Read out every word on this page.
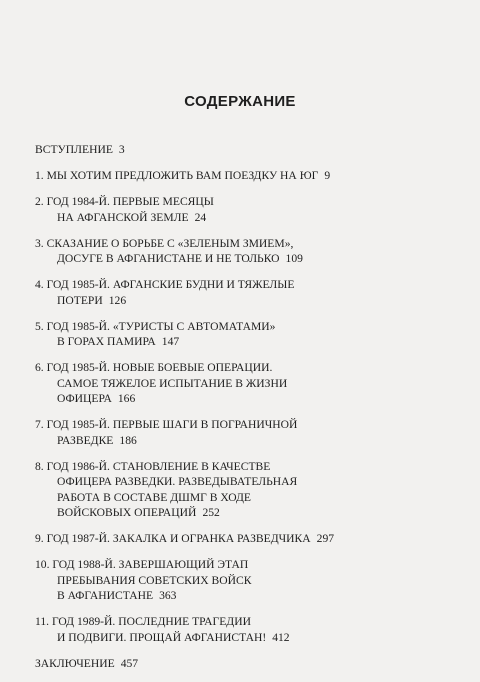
СОДЕРЖАНИЕ
ВСТУПЛЕНИЕ 3
1. МЫ ХОТИМ ПРЕДЛОЖИТЬ ВАМ ПОЕЗДКУ НА ЮГ 9
2. ГОД 1984-Й. ПЕРВЫЕ МЕСЯЦЫ
НА АФГАНСКОЙ ЗЕМЛЕ 24
3. СКАЗАНИЕ О БОРЬБЕ С «ЗЕЛЕНЫМ ЗМИЕМ»,
ДОСУГЕ В АФГАНИСТАНЕ И НЕ ТОЛЬКО 109
4. ГОД 1985-Й. АФГАНСКИЕ БУДНИ И ТЯЖЕЛЫЕ
ПОТЕРИ 126
5. ГОД 1985-Й. «ТУРИСТЫ С АВТОМАТАМИ»
В ГОРАХ ПАМИРА 147
6. ГОД 1985-Й. НОВЫЕ БОЕВЫЕ ОПЕРАЦИИ.
САМОЕ ТЯЖЕЛОЕ ИСПЫТАНИЕ В ЖИЗНИ
ОФИЦЕРА 166
7. ГОД 1985-Й. ПЕРВЫЕ ШАГИ В ПОГРАНИЧНОЙ
РАЗВЕДКЕ 186
8. ГОД 1986-Й. СТАНОВЛЕНИЕ В КАЧЕСТВЕ
ОФИЦЕРА РАЗВЕДКИ. РАЗВЕДЫВАТЕЛЬНАЯ
РАБОТА В СОСТАВЕ ДШМГ В ХОДЕ
ВОЙСКОВЫХ ОПЕРАЦИЙ 252
9. ГОД 1987-Й. ЗАКАЛКА И ОГРАНКА РАЗВЕДЧИКА 297
10. ГОД 1988-Й. ЗАВЕРШАЮЩИЙ ЭТАП
ПРЕБЫВАНИЯ СОВЕТСКИХ ВОЙСК
В АФГАНИСТАНЕ 363
11. ГОД 1989-Й. ПОСЛЕДНИЕ ТРАГЕДИИ
И ПОДВИГИ. ПРОЩАЙ АФГАНИСТАН! 412
ЗАКЛЮЧЕНИЕ 457
